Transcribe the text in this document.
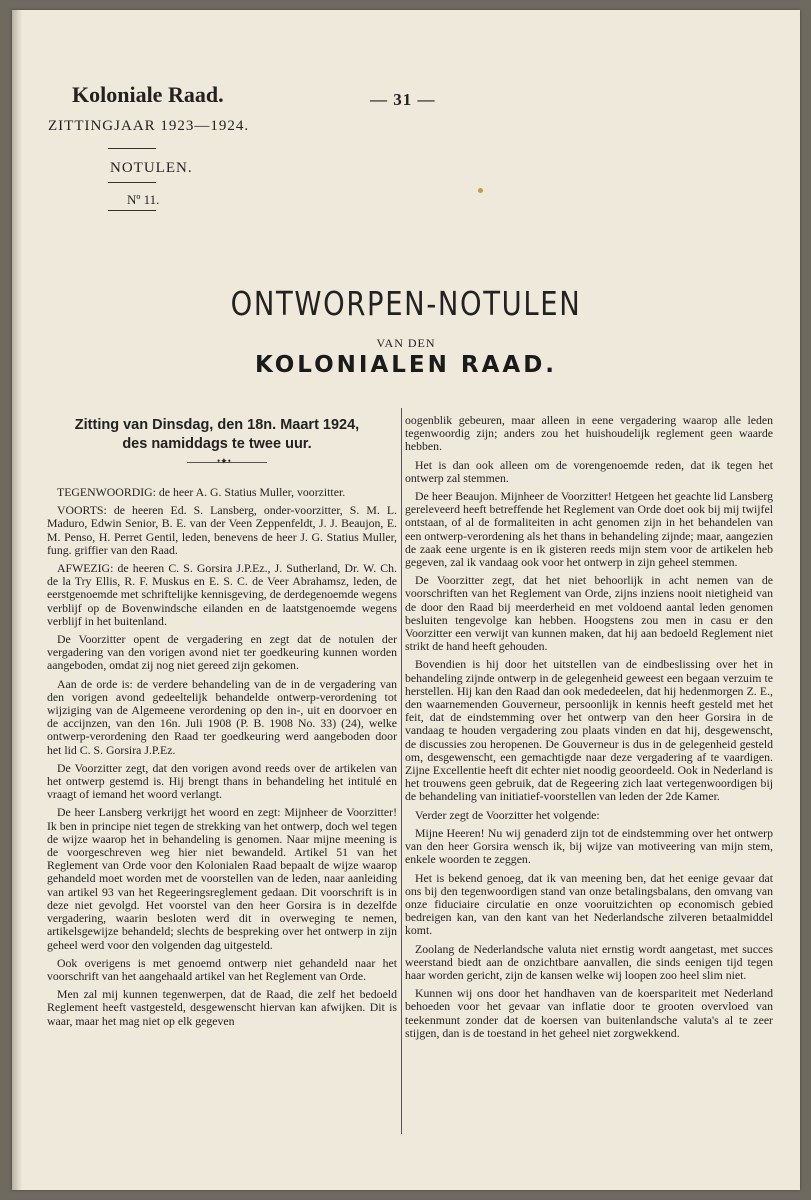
Koloniale Raad.	— 31 —
ZITTINGJAAR 1923—1924.
NOTULEN.
Nº 11.
ONTWORPEN-NOTULEN
VAN DEN
KOLONIALEN RAAD.
Zitting van Dinsdag, den 18n. Maart 1924,
des namiddags te twee uur.
•✦•

TEGENWOORDIG: de heer A. G. Statius Muller, voorzitter.

VOORTS: de heeren Ed. S. Lansberg, onder-voorzitter, S. M. L. Maduro, Edwin Senior, B. E. van der Veen Zeppenfeldt, J. J. Beaujon, E. M. Penso, H. Perret Gentil, leden, benevens de heer J. G. Statius Muller, fung. griffier van den Raad.

AFWEZIG: de heeren C. S. Gorsira J.P.Ez., J. Sutherland, Dr. W. Ch. de la Try Ellis, R. F. Muskus en E. S. C. de Veer Abrahamsz, leden, de eerstgenoemde met schriftelijke kennisgeving, de derdegenoemde wegens verblijf op de Bovenwindsche eilanden en de laatstgenoemde wegens verblijf in het buitenland.

De Voorzitter opent de vergadering en zegt dat de notulen der vergadering van den vorigen avond niet ter goedkeuring kunnen worden aangeboden, omdat zij nog niet gereed zijn gekomen.

Aan de orde is: de verdere behandeling van de in de vergadering van den vorigen avond gedeeltelijk behandelde ontwerp-verordening tot wijziging van de Algemeene verordening op den in-, uit en doorvoer en de accijnzen, van den 16n. Juli 1908 (P. B. 1908 No. 33) (24), welke ontwerp-verordening den Raad ter goedkeuring werd aangeboden door het lid C. S. Gorsira J.P.Ez.

De Voorzitter zegt, dat den vorigen avond reeds over de artikelen van het ontwerp gestemd is. Hij brengt thans in behandeling het intitulé en vraagt of iemand het woord verlangt.

De heer Lansberg verkrijgt het woord en zegt: Mijnheer de Voorzitter! Ik ben in principe niet tegen de strekking van het ontwerp, doch wel tegen de wijze waarop het in behandeling is genomen. Naar mijne meening is de voorgeschreven weg hier niet bewandeld. Artikel 51 van het Reglement van Orde voor den Kolonialen Raad bepaalt de wijze waarop gehandeld moet worden met de voorstellen van de leden, naar aanleiding van artikel 93 van het Regeeringsreglement gedaan. Dit voorschrift is in deze niet gevolgd. Het voorstel van den heer Gorsira is in dezelfde vergadering, waarin besloten werd dit in overweging te nemen, artikelsgewijze behandeld; slechts de bespreking over het ontwerp in zijn geheel werd voor den volgenden dag uitgesteld.

Ook overigens is met genoemd ontwerp niet gehandeld naar het voorschrift van het aangehaald artikel van het Reglement van Orde.

Men zal mij kunnen tegenwerpen, dat de Raad, die zelf het bedoeld Reglement heeft vastgesteld, desgewenscht hiervan kan afwijken. Dit is waar, maar het mag niet op elk gegeven

oogenblik gebeuren, maar alleen in eene vergadering waarop alle leden tegenwoordig zijn; anders zou het huishoudelijk reglement geen waarde hebben.

Het is dan ook alleen om de vorengenoemde reden, dat ik tegen het ontwerp zal stemmen.

De heer Beaujon. Mijnheer de Voorzitter! Hetgeen het geachte lid Lansberg gereleveerd heeft betreffende het Reglement van Orde doet ook bij mij twijfel ontstaan, of al de formaliteiten in acht genomen zijn in het behandelen van een ontwerp-verordening als het thans in behandeling zijnde; maar, aangezien de zaak eene urgente is en ik gisteren reeds mijn stem voor de artikelen heb gegeven, zal ik vandaag ook voor het ontwerp in zijn geheel stemmen.

De Voorzitter zegt, dat het niet behoorlijk in acht nemen van de voorschriften van het Reglement van Orde, zijns inziens nooit nietigheid van de door den Raad bij meerderheid en met voldoend aantal leden genomen besluiten tengevolge kan hebben. Hoogstens zou men in casu er den Voorzitter een verwijt van kunnen maken, dat hij aan bedoeld Reglement niet strikt de hand heeft gehouden.

Bovendien is hij door het uitstellen van de eindbeslissing over het in behandeling zijnde ontwerp in de gelegenheid geweest een begaan verzuim te herstellen. Hij kan den Raad dan ook mededeelen, dat hij hedenmorgen Z. E., den waarnemenden Gouverneur, persoonlijk in kennis heeft gesteld met het feit, dat de eindstemming over het ontwerp van den heer Gorsira in de vandaag te houden vergadering zou plaats vinden en dat hij, desgewenscht, de discussies zou heropenen. De Gouverneur is dus in de gelegenheid gesteld om, desgewenscht, een gemachtigde naar deze vergadering af te vaardigen. Zijne Excellentie heeft dit echter niet noodig geoordeeld. Ook in Nederland is het trouwens geen gebruik, dat de Regeering zich laat vertegenwoordigen bij de behandeling van initiatief-voorstellen van leden der 2de Kamer.

Verder zegt de Voorzitter het volgende:

Mijne Heeren! Nu wij genaderd zijn tot de eindstemming over het ontwerp van den heer Gorsira wensch ik, bij wijze van motiveering van mijn stem, enkele woorden te zeggen.

Het is bekend genoeg, dat ik van meening ben, dat het eenige gevaar dat ons bij den tegenwoordigen stand van onze betalingsbalans, den omvang van onze fiduciaire circulatie en onze vooruitzichten op economisch gebied bedreigen kan, van den kant van het Nederlandsche zilveren betaalmiddel komt.

Zoolang de Nederlandsche valuta niet ernstig wordt aangetast, met succes weerstand biedt aan de onzichtbare aanvallen, die sinds eenigen tijd tegen haar worden gericht, zijn de kansen welke wij loopen zoo heel slim niet.

Kunnen wij ons door het handhaven van de koerspariteit met Nederland behoeden voor het gevaar van inflatie door te grooten overvloed van teekenmunt zonder dat de koersen van buitenlandsche valuta's al te zeer stijgen, dan is de toestand in het geheel niet zorgwekkend.
